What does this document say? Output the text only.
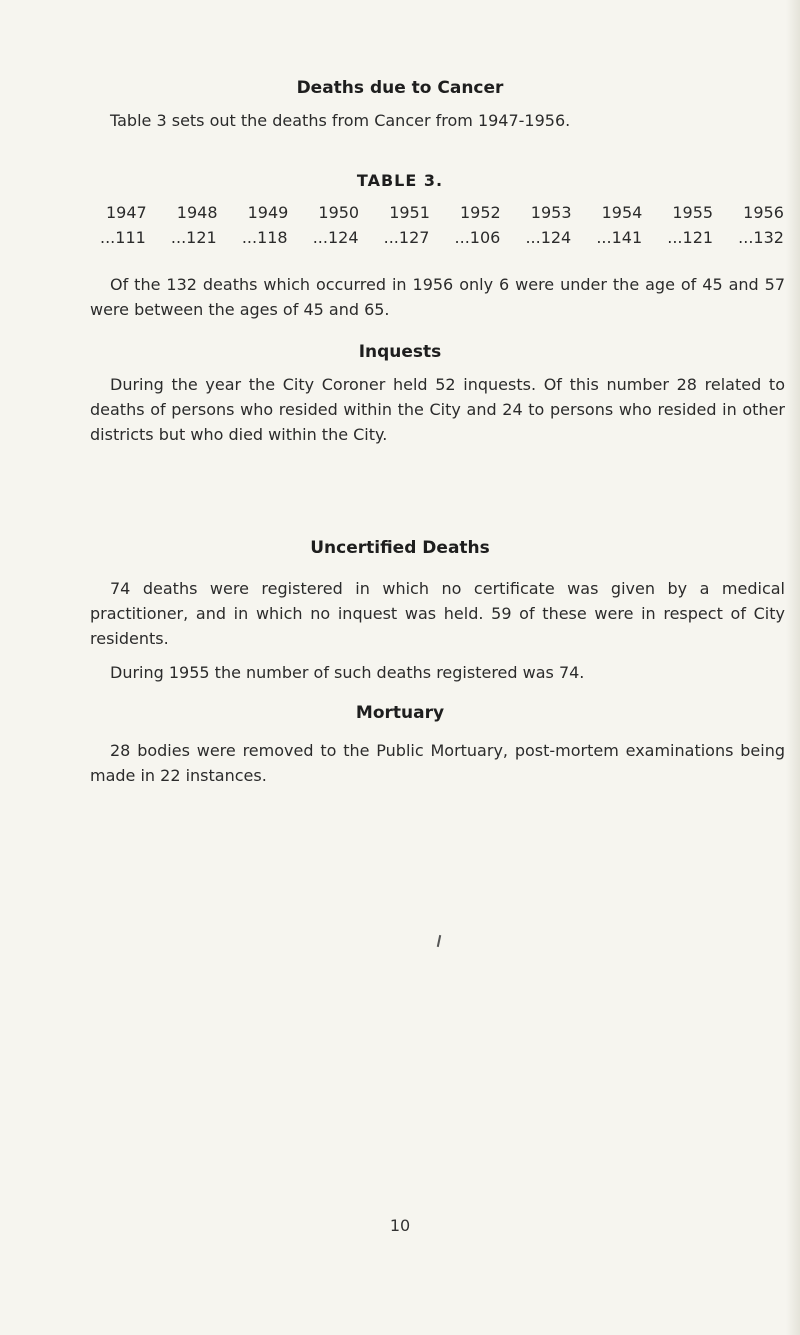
Deaths due to Cancer
Table 3 sets out the deaths from Cancer from 1947-1956.
TABLE 3.
1947 1948 1949 1950 1951 1952 1953 1954 1955 1956
...111 ...121 ...118 ...124 ...127 ...106 ...124 ...141 ...121 ...132
Of the 132 deaths which occurred in 1956 only 6 were under the age of 45 and 57 were between the ages of 45 and 65.
Inquests
During the year the City Coroner held 52 inquests. Of this number 28 related to deaths of persons who resided within the City and 24 to persons who resided in other districts but who died within the City.
Uncertified Deaths
74 deaths were registered in which no certificate was given by a medical practitioner, and in which no inquest was held. 59 of these were in respect of City residents.
During 1955 the number of such deaths registered was 74.
Mortuary
28 bodies were removed to the Public Mortuary, post-mortem examinations being made in 22 instances.
10
